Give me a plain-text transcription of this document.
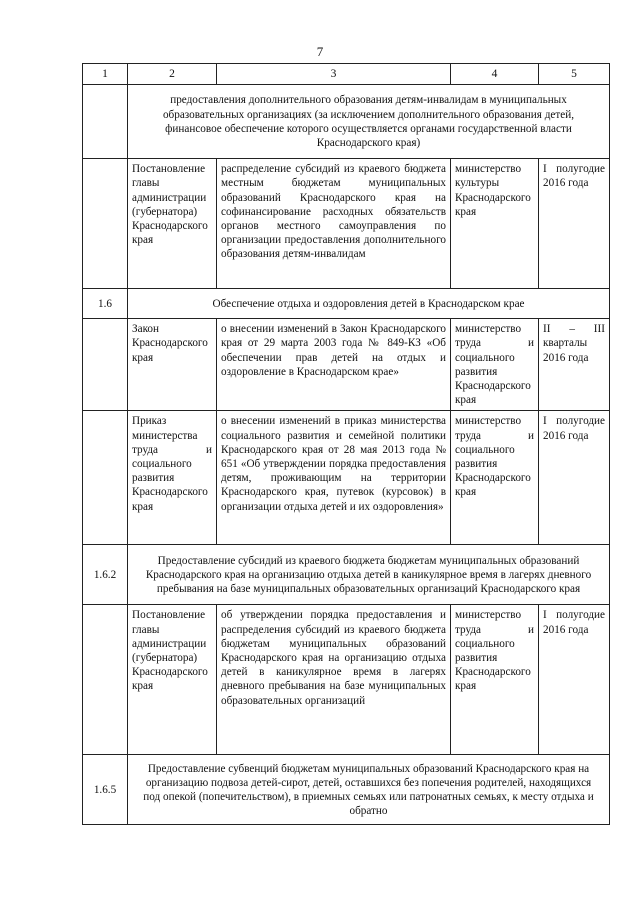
7
1	2	3	4	5
	предоставления дополнительного образования детям-инвалидам в муниципальных образовательных организациях (за исключением дополнительного образования детей, финансовое обеспечение которого осуществляется органами государственной власти Краснодарского края)			
	Постановление главы администрации (губернатора) Краснодарского края	распределение субсидий из краевого бюджета местным бюджетам муниципальных образований Краснодарского края на софинансирование расходных обязательств органов местного самоуправления по организации предоставления дополнительного образования детям-инвалидам	министерство культуры Краснодарского края	I полугодие 2016 года
1.6	Обеспечение отдыха и оздоровления детей в Краснодарском крае			
	Закон Краснодарского края	о внесении изменений в Закон Краснодарского края от 29 марта 2003 года № 849-КЗ «Об обеспечении прав детей на отдых и оздоровление в Краснодарском крае»	министерство труда и социального развития Краснодарского края	II – III кварталы 2016 года
	Приказ министерства труда и социального развития Краснодарского края	о внесении изменений в приказ министерства социального развития и семейной политики Краснодарского края от 28 мая 2013 года № 651 «Об утверждении порядка предоставления детям, проживающим на территории Краснодарского края, путевок (курсовок) в организации отдыха детей и их оздоровления»	министерство труда и социального развития Краснодарского края	I полугодие 2016 года
1.6.2	Предоставление субсидий из краевого бюджета бюджетам муниципальных образований Краснодарского края на организацию отдыха детей в каникулярное время в лагерях дневного пребывания на базе муниципальных образовательных организаций Краснодарского края			
	Постановление главы администрации (губернатора) Краснодарского края	об утверждении порядка предоставления и распределения субсидий из краевого бюджета бюджетам муниципальных образований Краснодарского края на организацию отдыха детей в каникулярное время в лагерях дневного пребывания на базе муниципальных образовательных организаций	министерство труда и социального развития Краснодарского края	I полугодие 2016 года
1.6.5	Предоставление субвенций бюджетам муниципальных образований Краснодарского края на организацию подвоза детей-сирот, детей, оставшихся без попечения родителей, находящихся под опекой (попечительством), в приемных семьях или патронатных семьях, к месту отдыха и обратно			
